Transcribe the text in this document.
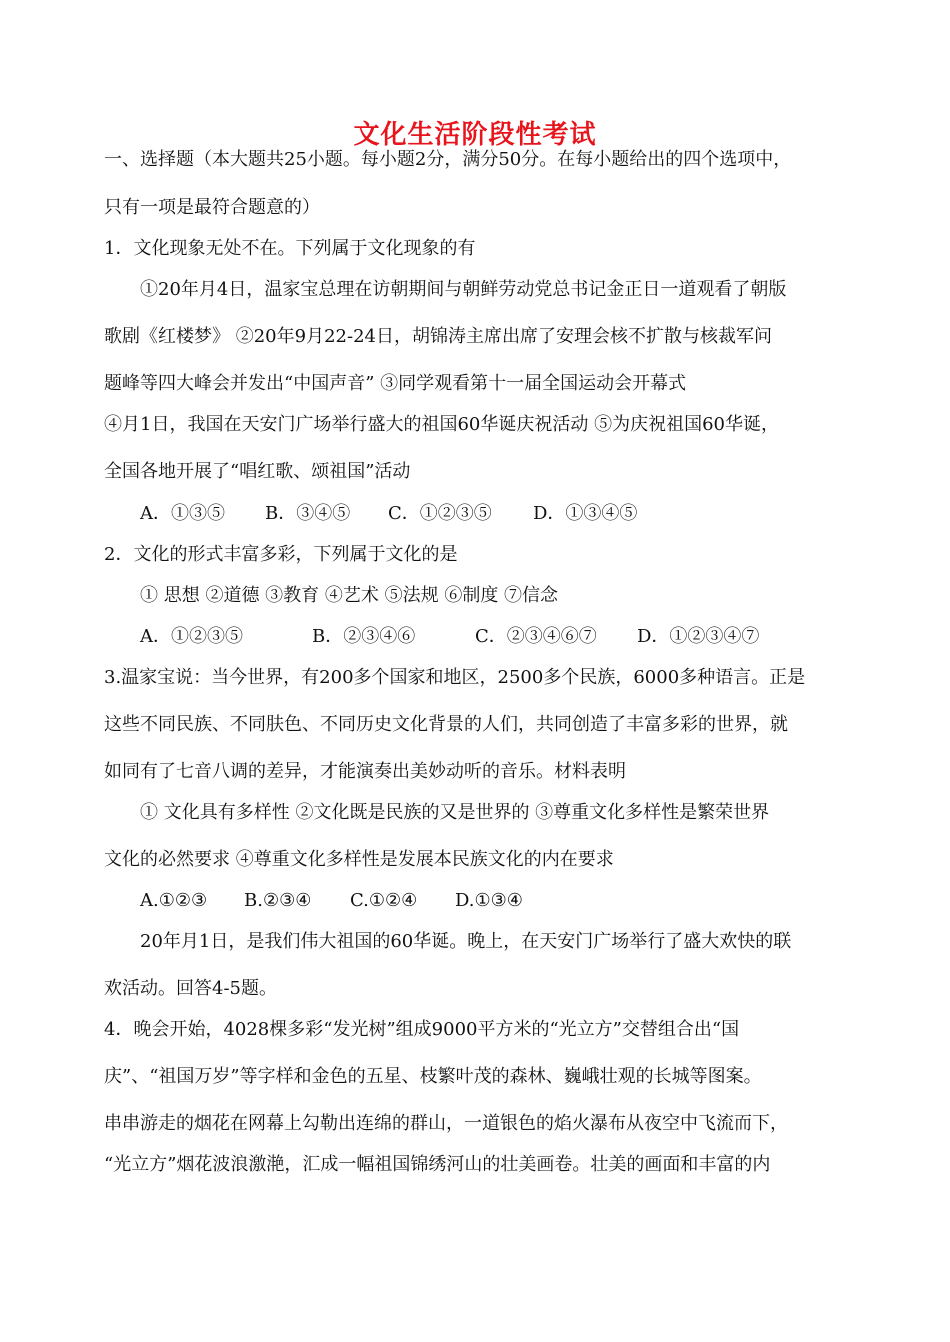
文化生活阶段性考试
一、选择题（本大题共25小题。每小题2分，满分50分。在每小题给出的四个选项中，
只有一项是最符合题意的）
1．文化现象无处不在。下列属于文化现象的有
①20年月4日，温家宝总理在访朝期间与朝鲜劳动党总书记金正日一道观看了朝版
歌剧《红楼梦》 ②20年9月22-24日，胡锦涛主席出席了安理会核不扩散与核裁军问
题峰等四大峰会并发出“中国声音” ③同学观看第十一届全国运动会开幕式
④月1日，我国在天安门广场举行盛大的祖国60华诞庆祝活动 ⑤为庆祝祖国60华诞，
全国各地开展了“唱红歌、颂祖国”活动
A．①③⑤ B．③④⑤ C．①②③⑤ D．①③④⑤
2．文化的形式丰富多彩，下列属于文化的是
① 思想 ②道德 ③教育 ④艺术 ⑤法规 ⑥制度 ⑦信念
A．①②③⑤	B．②③④⑥	C．②③④⑥⑦ D．①②③④⑦
3.温家宝说：当今世界，有200多个国家和地区，2500多个民族，6000多种语言。正是
这些不同民族、不同肤色、不同历史文化背景的人们，共同创造了丰富多彩的世界，就
如同有了七音八调的差异，才能演奏出美妙动听的音乐。材料表明
① 文化具有多样性 ②文化既是民族的又是世界的 ③尊重文化多样性是繁荣世界
文化的必然要求 ④尊重文化多样性是发展本民族文化的内在要求
A.①②③ B.②③④ C.①②④ D.①③④
20年月1日，是我们伟大祖国的60华诞。晚上，在天安门广场举行了盛大欢快的联
欢活动。回答4-5题。
4．晚会开始，4028棵多彩“发光树”组成9000平方米的“光立方”交替组合出“国
庆”、“祖国万岁”等字样和金色的五星、枝繁叶茂的森林、巍峨壮观的长城等图案。
串串游走的烟花在网幕上勾勒出连绵的群山，一道银色的焰火瀑布从夜空中飞流而下，
“光立方”烟花波浪激滟，汇成一幅祖国锦绣河山的壮美画卷。壮美的画面和丰富的内
